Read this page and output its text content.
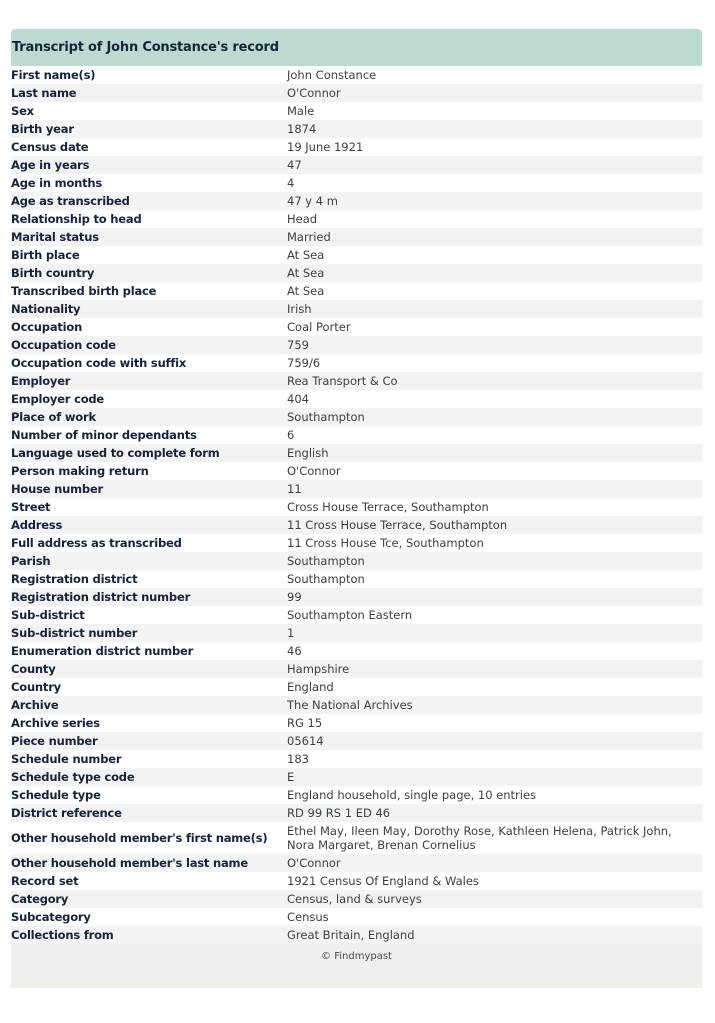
Transcript of John Constance's record
First name(s)	John Constance
Last name	O'Connor
Sex	Male
Birth year	1874
Census date	19 June 1921
Age in years	47
Age in months	4
Age as transcribed	47 y 4 m
Relationship to head	Head
Marital status	Married
Birth place	At Sea
Birth country	At Sea
Transcribed birth place	At Sea
Nationality	Irish
Occupation	Coal Porter
Occupation code	759
Occupation code with suffix	759/6
Employer	Rea Transport & Co
Employer code	404
Place of work	Southampton
Number of minor dependants	6
Language used to complete form	English
Person making return	O'Connor
House number	11
Street	Cross House Terrace, Southampton
Address	11 Cross House Terrace, Southampton
Full address as transcribed	11 Cross House Tce, Southampton
Parish	Southampton
Registration district	Southampton
Registration district number	99
Sub-district	Southampton Eastern
Sub-district number	1
Enumeration district number	46
County	Hampshire
Country	England
Archive	The National Archives
Archive series	RG 15
Piece number	05614
Schedule number	183
Schedule type code	E
Schedule type	England household, single page, 10 entries
District reference	RD 99 RS 1 ED 46
Other household member's first name(s)	Ethel May, Ileen May, Dorothy Rose, Kathleen Helena, Patrick John, Nora Margaret, Brenan Cornelius
Other household member's last name	O'Connor
Record set	1921 Census Of England & Wales
Category	Census, land & surveys
Subcategory	Census
Collections from	Great Britain, England
© Findmypast
